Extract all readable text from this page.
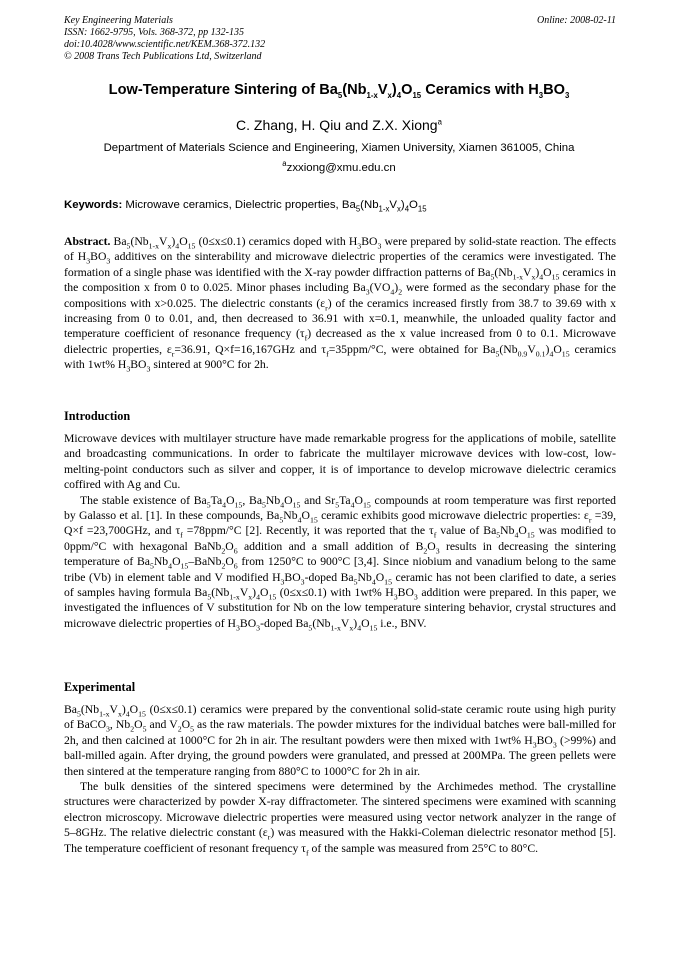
Key Engineering Materials	Online: 2008-02-11
ISSN: 1662-9795, Vols. 368-372, pp 132-135
doi:10.4028/www.scientific.net/KEM.368-372.132
© 2008 Trans Tech Publications Ltd, Switzerland
Low-Temperature Sintering of $Ba_5(Nb_{1-x}V_x)_4O_{15}$ Ceramics with $H_3BO_3$
C. Zhang, H. Qiu and Z.X. Xiong$^a$
Department of Materials Science and Engineering, Xiamen University, Xiamen 361005, China
$^a$zxxiong@xmu.edu.cn
Keywords: Microwave ceramics, Dielectric properties, $Ba_5(Nb_{1-x}V_x)_4O_{15}$

Abstract. $Ba_5(Nb_{1-x}V_x)_4O_{15}$ (0≤x≤0.1) ceramics doped with $H_3BO_3$ were prepared by solid-state reaction. The effects of $H_3BO_3$ additives on the sinterability and microwave dielectric properties of the ceramics were investigated. The formation of a single phase was identified with the X-ray powder diffraction patterns of $Ba_5(Nb_{1-x}V_x)_4O_{15}$ ceramics in the composition x from 0 to 0.025. Minor phases including $Ba_3(VO_4)_2$ were formed as the secondary phase for the compositions with x>0.025. The dielectric constants $(\varepsilon_r)$ of the ceramics increased firstly from 38.7 to 39.69 with x increasing from 0 to 0.01, and, then decreased to 36.91 with x=0.1, meanwhile, the unloaded quality factor and temperature coefficient of resonance frequency $(\tau_f)$ decreased as the x value increased from 0 to 0.1. Microwave dielectric properties, $\varepsilon_r=36.91$, Q×f=16,167GHz and $\tau_f=35ppm/^\circ C$, were obtained for $Ba_5(Nb_{0.9}V_{0.1})_4O_{15}$ ceramics with 1wt% $H_3BO_3$ sintered at 900°C for 2h.

Introduction

Microwave devices with multilayer structure have made remarkable progress for the applications of mobile, satellite and broadcasting communications. In order to fabricate the multilayer microwave devices with low-cost, low-melting-point conductors such as silver and copper, it is of importance to develop microwave dielectric ceramics coffired with Ag and Cu.

The stable existence of $Ba_5Ta_4O_{15}$, $Ba_5Nb_4O_{15}$ and $Sr_5Ta_4O_{15}$ compounds at room temperature was first reported by Galasso et al. [1]. In these compounds, $Ba_5Nb_4O_{15}$ ceramic exhibits good microwave dielectric properties: $\varepsilon_r =39$, Q×f =23,700GHz, and $\tau_f =78ppm/^\circ C$ [2]. Recently, it was reported that the $\tau_f$ value of $Ba_5Nb_4O_{15}$ was modified to 0ppm/°C with hexagonal $BaNb_2O_6$ addition and a small addition of $B_2O_3$ results in decreasing the sintering temperature of $Ba_5Nb_4O_{15}-BaNb_2O_6$ from 1250°C to 900°C [3,4]. Since niobium and vanadium belong to the same tribe (Vb) in element table and V modified $H_3BO_3$-doped $Ba_5Nb_4O_{15}$ ceramic has not been clarified to date, a series of samples having formula $Ba_5(Nb_{1-x}V_x)_4O_{15}$ (0≤x≤0.1) with 1wt% $H_3BO_3$ addition were prepared. In this paper, we investigated the influences of V substitution for Nb on the low temperature sintering behavior, crystal structures and microwave dielectric properties of $H_3BO_3$-doped $Ba_5(Nb_{1-x}V_x)_4O_{15}$ i.e., BNV.

Experimental

$Ba_5(Nb_{1-x}V_x)_4O_{15}$ (0≤x≤0.1) ceramics were prepared by the conventional solid-state ceramic route using high purity of BaCO$_3$, $Nb_2O_5$ and $V_2O_5$ as the raw materials. The powder mixtures for the individual batches were ball-milled for 2h, and then calcined at 1000°C for 2h in air. The resultant powders were then mixed with 1wt% $H_3BO_3$ (>99%) and ball-milled again. After drying, the ground powders were granulated, and pressed at 200MPa. The green pellets were then sintered at the temperature ranging from 880°C to 1000°C for 2h in air.

The bulk densities of the sintered specimens were determined by the Archimedes method. The crystalline structures were characterized by powder X-ray diffractometer. The sintered specimens were examined with scanning electron microscopy. Microwave dielectric properties were measured using vector network analyzer in the range of 5–8GHz. The relative dielectric constant $(\varepsilon_r)$ was measured with the Hakki-Coleman dielectric resonator method [5]. The temperature coefficient of resonant frequency $\tau_f$ of the sample was measured from 25°C to 80°C.
